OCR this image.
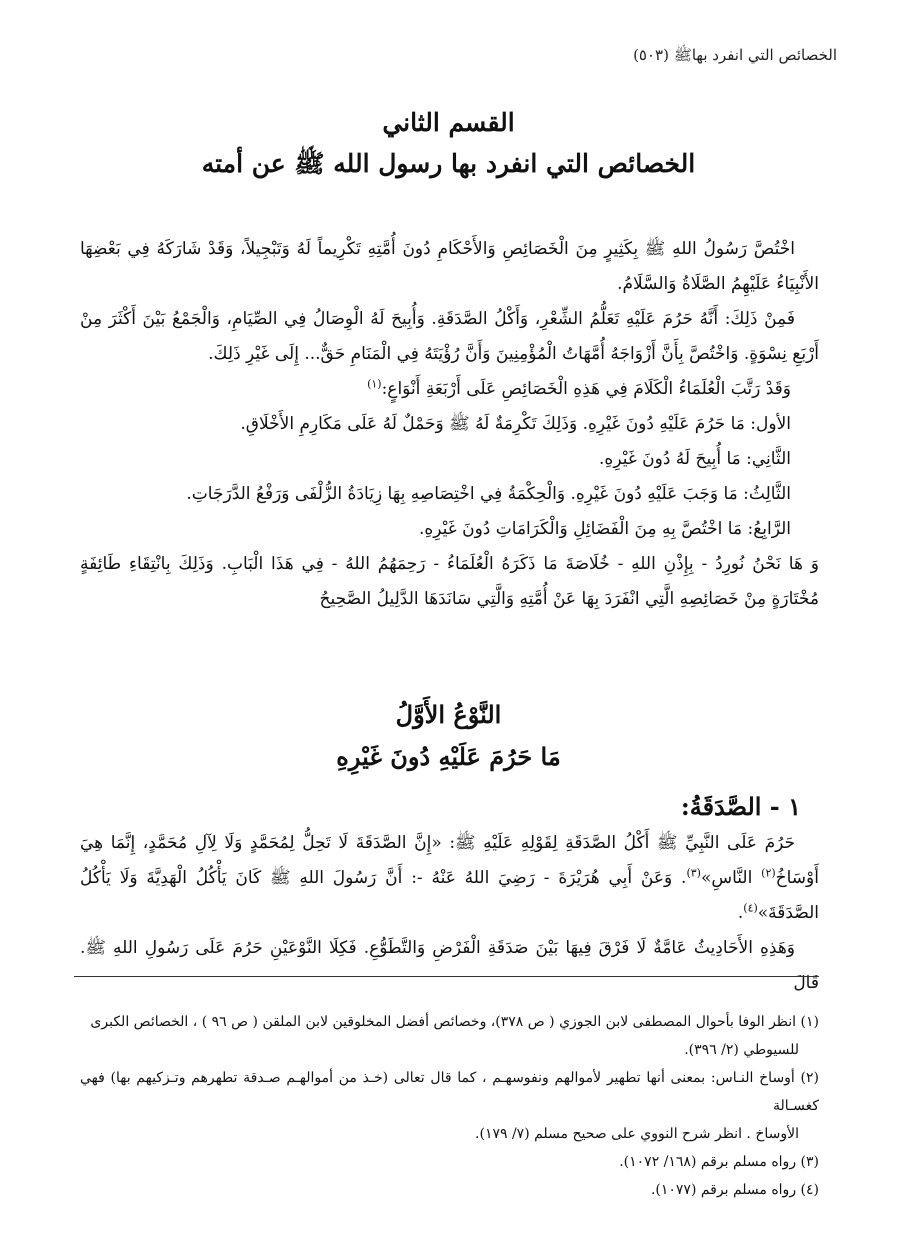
الخصائص التي انفرد بهاﷺ (٥٠٣)
القسم الثاني
الخصائص التي انفرد بها رسول الله ﷺ عن أمته

اخْتُصَّ رَسُولُ اللهِ ﷺ بِكَثِيرٍ مِنَ الْخَصَائِصِ وَالأَحْكَامِ دُونَ أُمَّتِهِ تَكْرِيماً لَهُ وَتَبْجِيلاً، وَقَدْ شَارَكَهُ فِي بَعْضِهَا الأَنْبِيَاءُ عَلَيْهِمُ الصَّلَاةُ وَالسَّلَامُ.

فَمِنْ ذَلِكَ: أَنَّهُ حَرُمَ عَلَيْهِ تَعَلُّمُ الشِّعْرِ، وَأَكْلُ الصَّدَقَةِ. وَأُبِيحَ لَهُ الْوِصَالُ فِي الصِّيَامِ، وَالْجَمْعُ بَيْنَ أَكْثَرَ مِنْ أَرْبَعِ نِسْوَةٍ. وَاخْتُصَّ بِأَنَّ أَزْوَاجَهُ أُمَّهَاتُ الْمُؤْمِنِينَ وَأَنَّ رُؤْيَتَهُ فِي الْمَنَامِ حَقٌّ... إِلَى غَيْرِ ذَلِكَ.

وَقَدْ رَتَّبَ الْعُلَمَاءُ الْكَلَامَ فِي هَذِهِ الْخَصَائِصِ عَلَى أَرْبَعَةِ أَنْوَاعٍ:$^{(١)}$

الأول: مَا حَرُمَ عَلَيْهِ دُونَ غَيْرِهِ. وَذَلِكَ تَكْرِمَةٌ لَهُ ﷺ وَحَمْلٌ لَهُ عَلَى مَكَارِمِ الأَخْلَاقِ.

الثَّانِي: مَا أُبِيحَ لَهُ دُونَ غَيْرِهِ.

الثَّالِثُ: مَا وَجَبَ عَلَيْهِ دُونَ غَيْرِهِ. وَالْحِكْمَةُ فِي اخْتِصَاصِهِ بِهَا زِيَادَةُ الزُّلْفَى وَرَفْعُ الدَّرَجَاتِ.

الرَّابِعُ: مَا اخْتُصَّ بِهِ مِنَ الْفَضَائِلِ وَالْكَرَامَاتِ دُونَ غَيْرِهِ.

وَ هَا نَحْنُ نُورِدُ - بِإِذْنِ اللهِ - خُلَاصَةَ مَا ذَكَرَهُ الْعُلَمَاءُ - رَحِمَهُمُ اللهُ - فِي هَذَا الْبَابِ. وَذَلِكَ بِانْتِقَاءِ طَائِفَةٍ مُخْتَارَةٍ مِنْ خَصَائِصِهِ الَّتِي انْفَرَدَ بِهَا عَنْ أُمَّتِهِ وَالَّتِي سَانَدَهَا الدَّلِيلُ الصَّحِيحُ

النَّوْعُ الأَوَّلُ
مَا حَرُمَ عَلَيْهِ دُونَ غَيْرِهِ
١ - الصَّدَقَةُ:

حَرُمَ عَلَى النَّبِيِّ ﷺ أَكْلُ الصَّدَقَةِ لِقَوْلِهِ عَلَيْهِ ﷺ: «إِنَّ الصَّدَقَةَ لَا تَحِلُّ لِمُحَمَّدٍ وَلَا لِآلِ مُحَمَّدٍ، إِنَّمَا هِيَ أَوْسَاخُ$^{(٢)}$ النَّاسِ»$^{(٣)}$. وَعَنْ أَبِي هُرَيْرَةَ - رَضِيَ اللهُ عَنْهُ -: أَنَّ رَسُولَ اللهِ ﷺ كَانَ يَأْكُلُ الْهَدِيَّةَ وَلَا يَأْكُلُ الصَّدَقَةَ»$^{(٤)}$.

وَهَذِهِ الأَحَادِيثُ عَامَّةٌ لَا فَرْقَ فِيهَا بَيْنَ صَدَقَةِ الْفَرْضِ وَالتَّطَوُّعِ. فَكِلَا النَّوْعَيْنِ حَرُمَ عَلَى رَسُولِ اللهِ ﷺ. قَالَ

(١) انظر الوفا بأحوال المصطفى لابن الجوزي ( ص ٣٧٨)، وخصائص أفضل المخلوقين لابن الملقن ( ص ٩٦ ) ، الخصائص الكبرى

للسيوطي (٢/ ٣٩٦).

(٢) أوساخ النـاس: بمعنى أنها تطهير لأموالهم ونفوسهـم ، كما قال تعالى (خـذ من أموالهـم صـدقة تطهرهم وتـزكيهم بها) فهي كغسـالة

الأوساخ . انظر شرح النووي على صحيح مسلم (٧/ ١٧٩).

(٣) رواه مسلم برقم (١٦٨/ ١٠٧٢).

(٤) رواه مسلم برقم (١٠٧٧).
